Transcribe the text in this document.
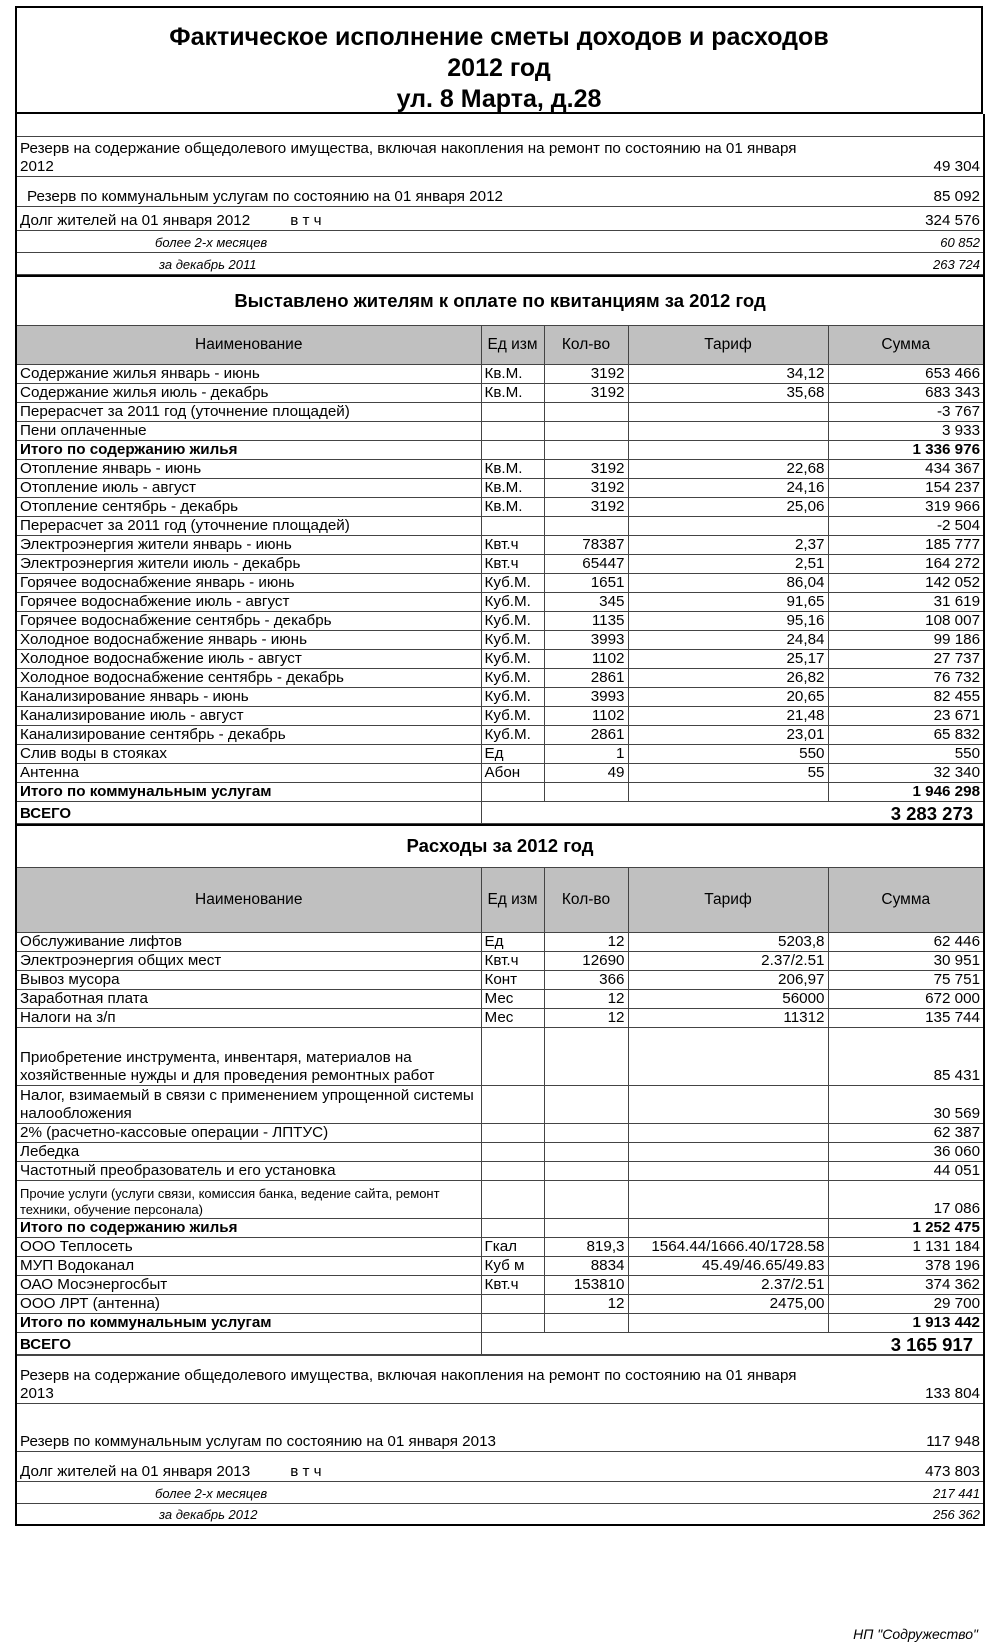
Фактическое исполнение сметы доходов и расходов
2012 год
ул. 8 Марта, д.28

Резерв на содержание общедолевого имущества, включая накопления на ремонт по состоянию на 01 января 2012	49 304
Резерв по коммунальным услугам по состоянию на 01 января 2012	85 092
Долг жителей на 01 января 2012 в т ч	324 576
более 2-х месяцев	60 852
за декабрь 2011	263 724
Выставлено жителям к оплате по квитанциям за 2012 год				
Наименование	Ед изм	Кол-во	Тариф	Сумма
Содержание жилья январь - июнь	Кв.М.	3192	34,12	653 466
Содержание жилья июль - декабрь	Кв.М.	3192	35,68	683 343
Перерасчет за 2011 год (уточнение площадей)				-3 767
Пени оплаченные				3 933
Итого по содержанию жилья				1 336 976
Отопление январь - июнь	Кв.М.	3192	22,68	434 367
Отопление июль - август	Кв.М.	3192	24,16	154 237
Отопление сентябрь - декабрь	Кв.М.	3192	25,06	319 966
Перерасчет за 2011 год (уточнение площадей)				-2 504
Электроэнергия жители январь - июнь	Квт.ч	78387	2,37	185 777
Электроэнергия жители июль - декабрь	Квт.ч	65447	2,51	164 272
Горячее водоснабжение январь - июнь	Куб.М.	1651	86,04	142 052
Горячее водоснабжение июль - август	Куб.М.	345	91,65	31 619
Горячее водоснабжение сентябрь - декабрь	Куб.М.	1135	95,16	108 007
Холодное водоснабжение январь - июнь	Куб.М.	3993	24,84	99 186
Холодное водоснабжение июль - август	Куб.М.	1102	25,17	27 737
Холодное водоснабжение сентябрь - декабрь	Куб.М.	2861	26,82	76 732
Канализирование январь - июнь	Куб.М.	3993	20,65	82 455
Канализирование июль - август	Куб.М.	1102	21,48	23 671
Канализирование сентябрь - декабрь	Куб.М.	2861	23,01	65 832
Слив воды в стояках	Ед	1	550	550
Антенна	Абон	49	55	32 340
Итого по коммунальным услугам				1 946 298
ВСЕГО	3 283 273			
Расходы за 2012 год				
Наименование	Ед изм	Кол-во	Тариф	Сумма
Обслуживание лифтов	Ед	12	5203,8	62 446
Электроэнергия общих мест	Квт.ч	12690	2.37/2.51	30 951
Вывоз мусора	Конт	366	206,97	75 751
Заработная плата	Мес	12	56000	672 000
Налоги на з/п	Мес	12	11312	135 744
Приобретение инструмента, инвентаря, материалов на хозяйственные нужды и для проведения ремонтных работ				85 431
Налог, взимаемый в связи с применением упрощенной системы налообложения				30 569
2% (расчетно-кассовые операции - ЛПТУС)				62 387
Лебедка				36 060
Частотный преобразователь и его установка				44 051
Прочие услуги (услуги связи, комиссия банка, ведение сайта, ремонт техники, обучение персонала)				17 086
Итого по содержанию жилья				1 252 475
ООО Теплосеть	Гкал	819,3	1564.44/1666.40/1728.58	1 131 184
МУП Водоканал	Куб м	8834	45.49/46.65/49.83	378 196
ОАО Мосэнергосбыт	Квт.ч	153810	2.37/2.51	374 362
ООО ЛРТ (антенна)		12	2475,00	29 700
Итого по коммунальным услугам				1 913 442
ВСЕГО	3 165 917			
Резерв на содержание общедолевого имущества, включая накопления на ремонт по состоянию на 01 января 2013	133 804
Резерв по коммунальным услугам по состоянию на 01 января 2013	117 948
Долг жителей на 01 января 2013 в т ч	473 803
более 2-х месяцев	217 441
за декабрь 2012	256 362
НП "Содружество"
